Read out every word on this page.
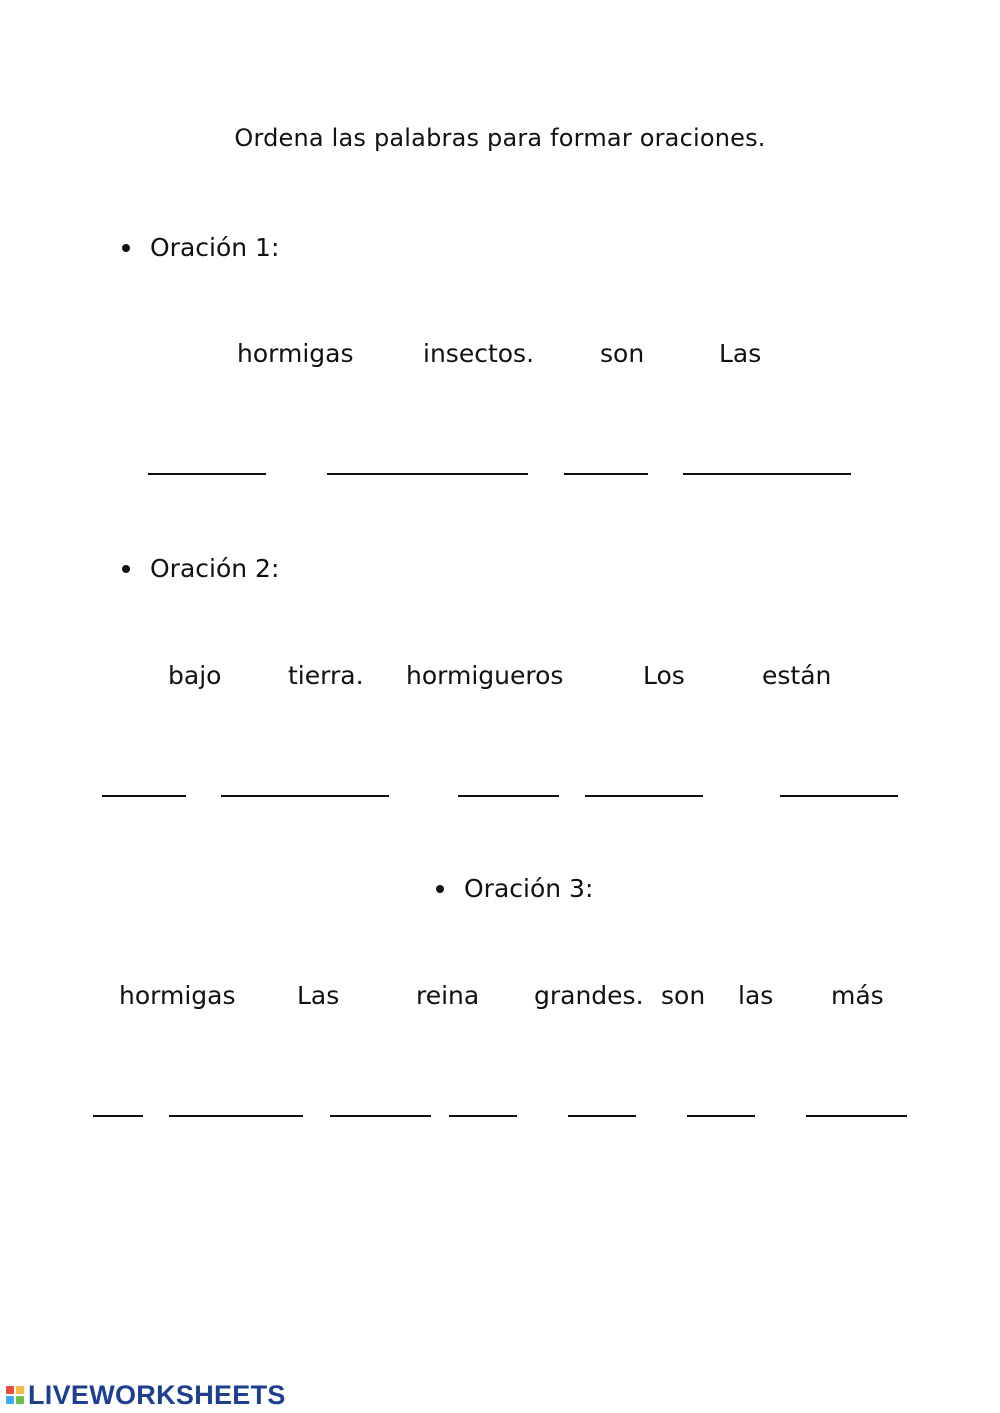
Ordena las palabras para formar oraciones.
Oración 1:
hormigas	insectos.	son	Las
Oración 2:
bajo	tierra. hormigueros	Los	están
Oración 3:
hormigas Las	reina grandes. son las más
LIVEWORKSHEETS
